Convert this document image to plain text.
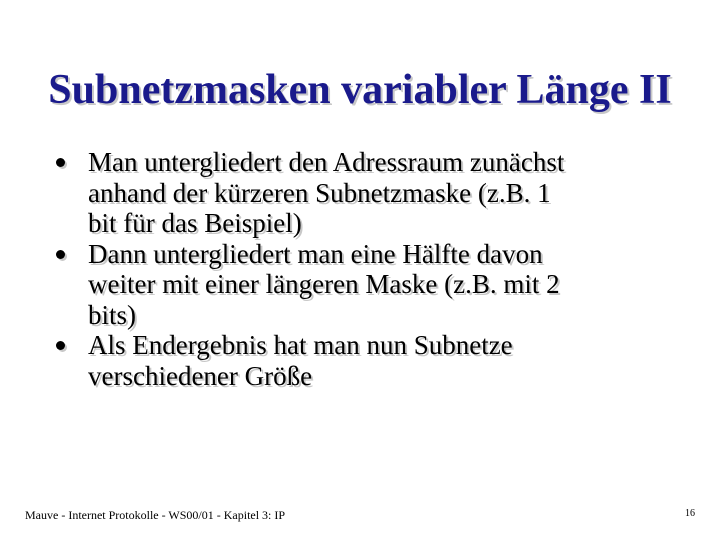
Subnetzmasken variabler Länge II
Man untergliedert den Adressraum zunächst
anhand der kürzeren Subnetzmaske (z.B. 1
bit für das Beispiel)
Dann untergliedert man eine Hälfte davon
weiter mit einer längeren Maske (z.B. mit 2
bits)
Als Endergebnis hat man nun Subnetze
verschiedener Größe
Mauve - Internet Protokolle - WS00/01 - Kapitel 3: IP	16
